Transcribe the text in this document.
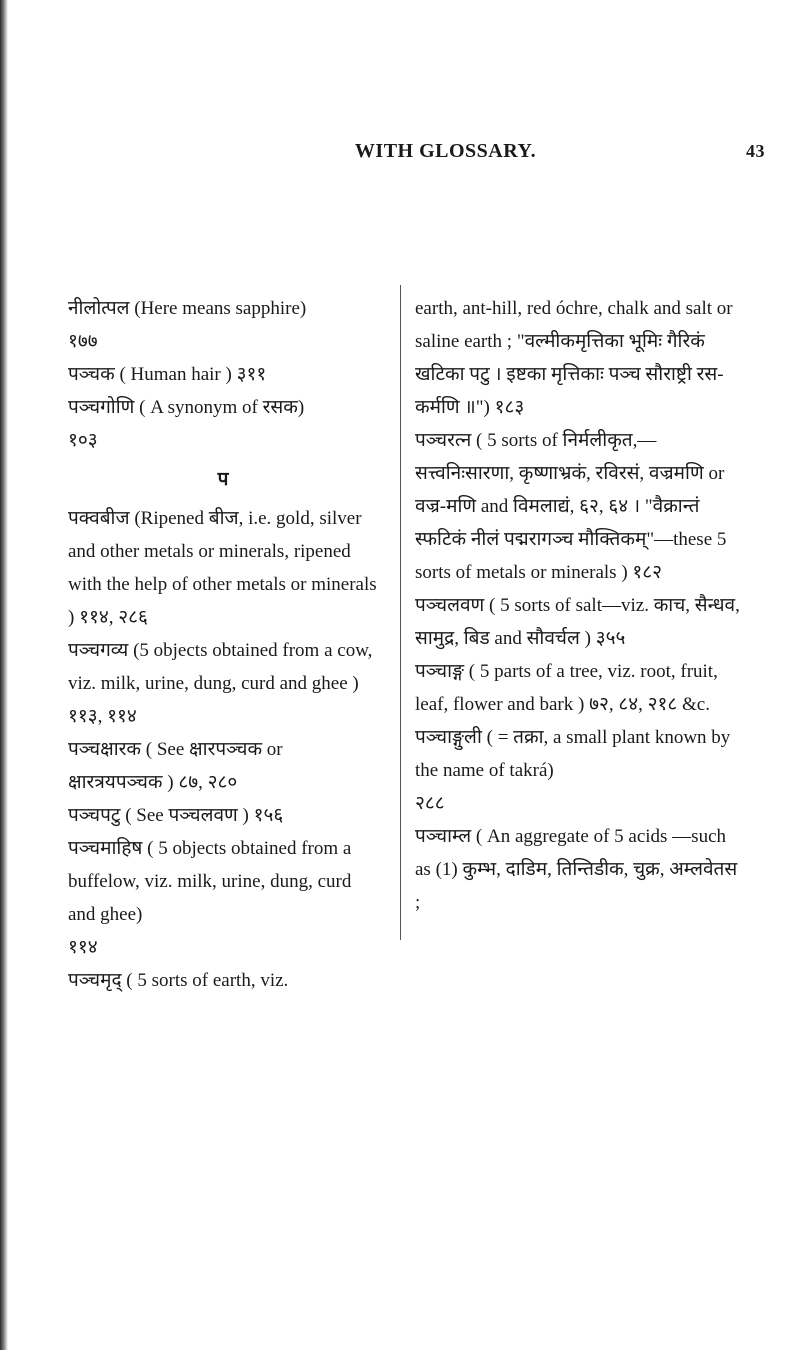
WITH GLOSSARY.	43

नीलोत्पल (Here means sapphire)

१७७

पञ्चक ( Human hair ) ३११

पञ्चगोणि ( A synonym of रसक)

१०३

प

पक्वबीज (Ripened बीज, i.e. gold, silver and other metals or minerals, ripened with the help of other metals or minerals ) ११४, २८६

पञ्चगव्य (5 objects obtained from a cow, viz. milk, urine, dung, curd and ghee ) ११३, ११४

पञ्चक्षारक ( See क्षारपञ्चक or क्षारत्रयपञ्चक ) ८७, २८०

पञ्चपटु ( See पञ्चलवण ) १५६

पञ्चमाहिष ( 5 objects obtained from a buffelow, viz. milk, urine, dung, curd and ghee)

११४

पञ्चमृद् ( 5 sorts of earth, viz.

earth, ant-hill, red óchre, chalk and salt or saline earth ; "वल्मीकमृत्तिका भूमिः गैरिकं खटिका पटु । इष्टका मृत्तिकाः पञ्च सौराष्ट्री रस-कर्मणि ॥") १८३

पञ्चरत्न ( 5 sorts of निर्मलीकृत,— सत्त्वनिःसारणा, कृष्णाभ्रकं, रविरसं, वज्रमणि or वज्र-मणि and विमलाद्यं, ६२, ६४ । "वैक्रान्तं स्फटिकं नीलं पद्मरागञ्च मौक्तिकम्"—these 5 sorts of metals or minerals ) १८२

पञ्चलवण ( 5 sorts of salt—viz. काच, सैन्धव, सामुद्र, बिड and सौवर्चल ) ३५५

पञ्चाङ्ग ( 5 parts of a tree, viz. root, fruit, leaf, flower and bark ) ७२, ८४, २१८ &c.

पञ्चाङ्गुली ( = तक्रा, a small plant known by the name of takrá)

२८८

पञ्चाम्ल ( An aggregate of 5 acids —such as (1) कुम्भ, दाडिम, तिन्तिडीक, चुक्र, अम्लवेतस ;
